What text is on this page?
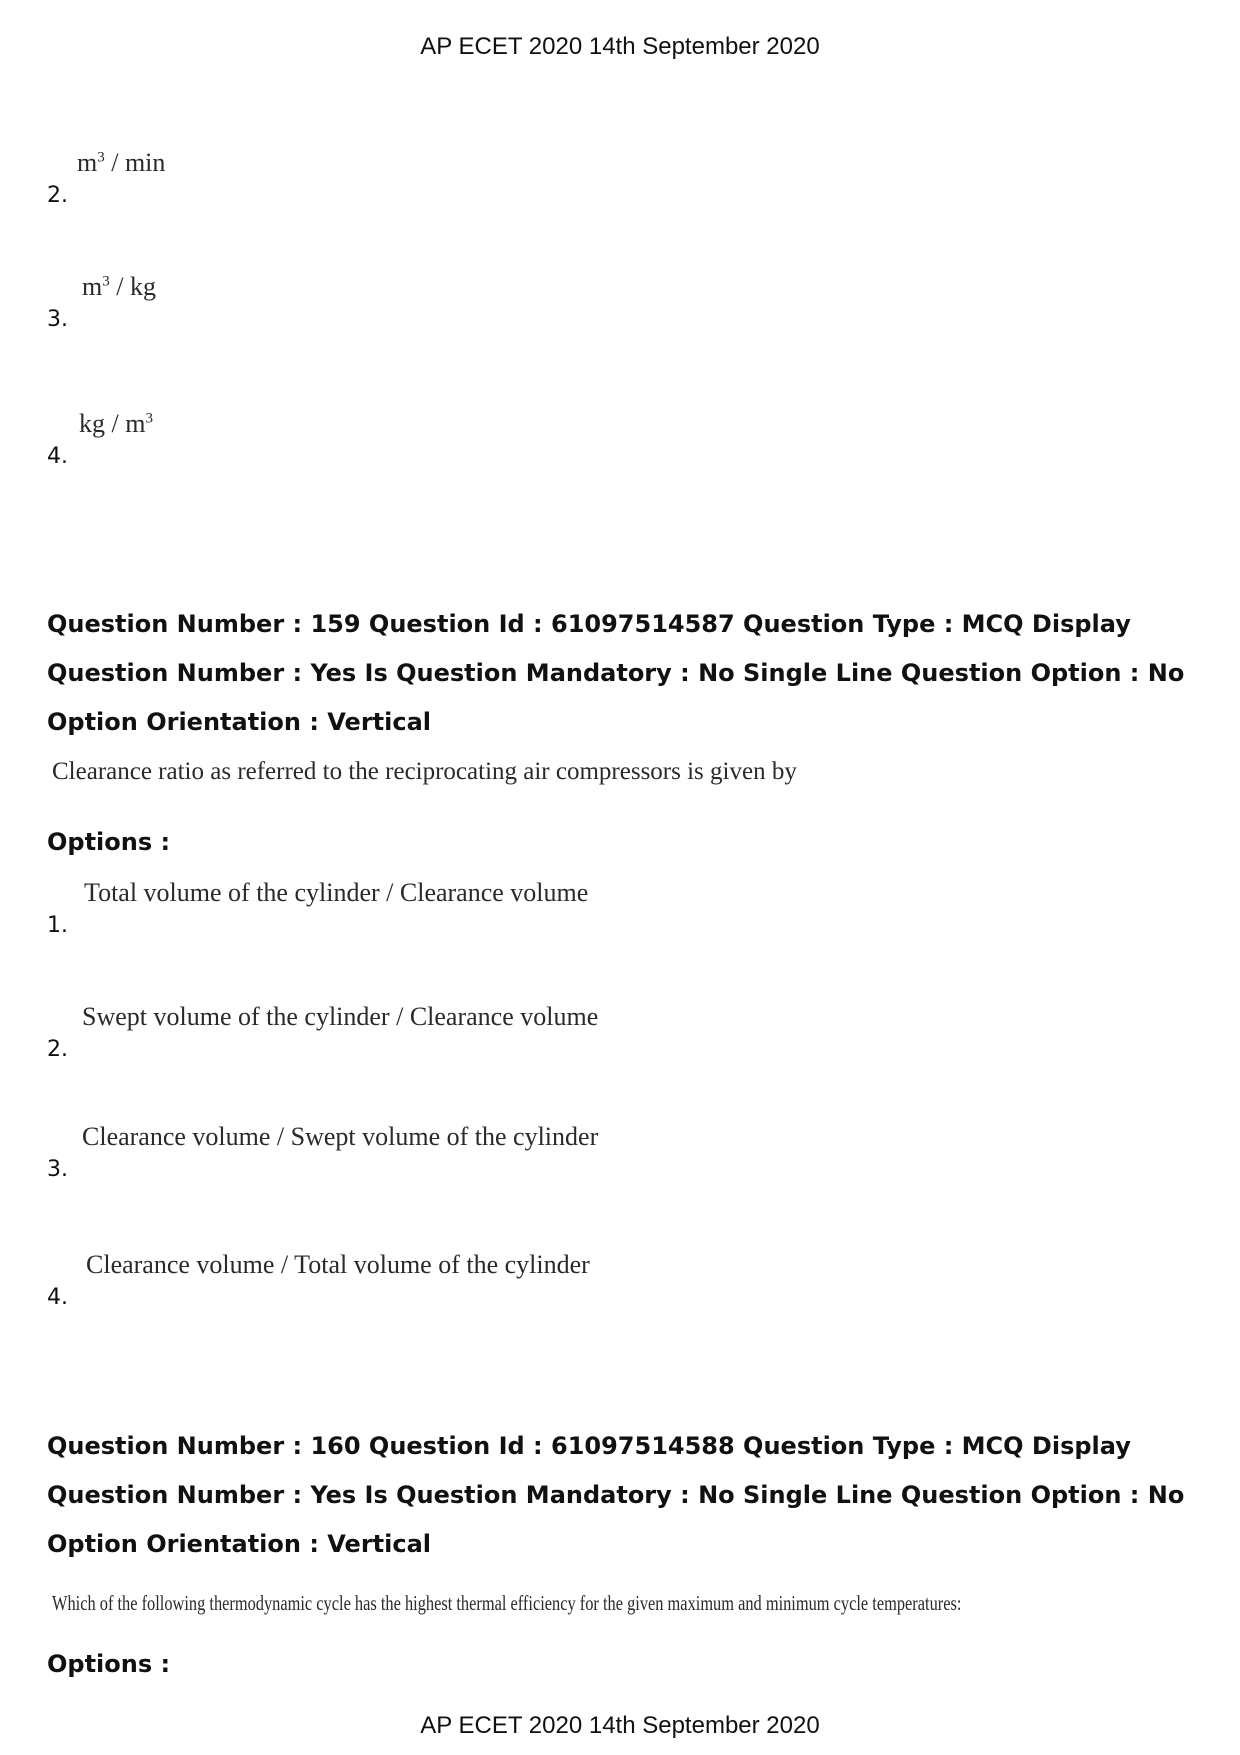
AP ECET 2020 14th September 2020
2.
$m^3$ / min
3.
$m^3$ / kg
4.
kg / $m^3$
Question Number : 159 Question Id : 61097514587 Question Type : MCQ Display Question Number : Yes Is Question Mandatory : No Single Line Question Option : No Option Orientation : Vertical
Clearance ratio as referred to the reciprocating air compressors is given by
Options :
1.
Total volume of the cylinder / Clearance volume
2.
Swept volume of the cylinder / Clearance volume
3.
Clearance volume / Swept volume of the cylinder
4.
Clearance volume / Total volume of the cylinder
Question Number : 160 Question Id : 61097514588 Question Type : MCQ Display Question Number : Yes Is Question Mandatory : No Single Line Question Option : No Option Orientation : Vertical
Which of the following thermodynamic cycle has the highest thermal efficiency for the given maximum and minimum cycle temperatures:
Options :
AP ECET 2020 14th September 2020
